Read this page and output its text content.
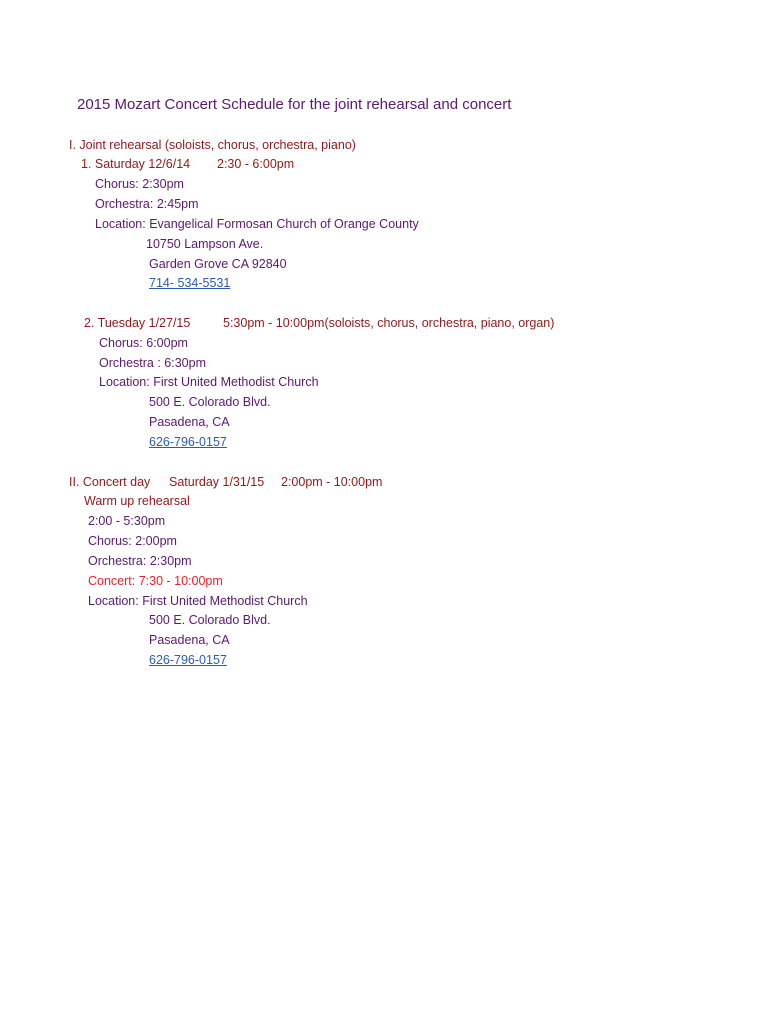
2015 Mozart Concert Schedule for the joint rehearsal and concert
I. Joint rehearsal (soloists, chorus, orchestra, piano)
1. Saturday 12/6/14 2:30 - 6:00pm
Chorus: 2:30pm
Orchestra: 2:45pm
Location: Evangelical Formosan Church of Orange County
10750 Lampson Ave.
Garden Grove CA 92840
714- 534-5531
2. Tuesday 1/27/15	5:30pm - 10:00pm(soloists, chorus, orchestra, piano, organ)
Chorus: 6:00pm
Orchestra : 6:30pm
Location: First United Methodist Church
500 E. Colorado Blvd.
Pasadena, CA
626-796-0157
II. Concert day Saturday 1/31/15 2:00pm - 10:00pm
Warm up rehearsal
2:00 - 5:30pm
Chorus: 2:00pm
Orchestra: 2:30pm
Concert: 7:30 - 10:00pm
Location: First United Methodist Church
500 E. Colorado Blvd.
Pasadena, CA
626-796-0157
